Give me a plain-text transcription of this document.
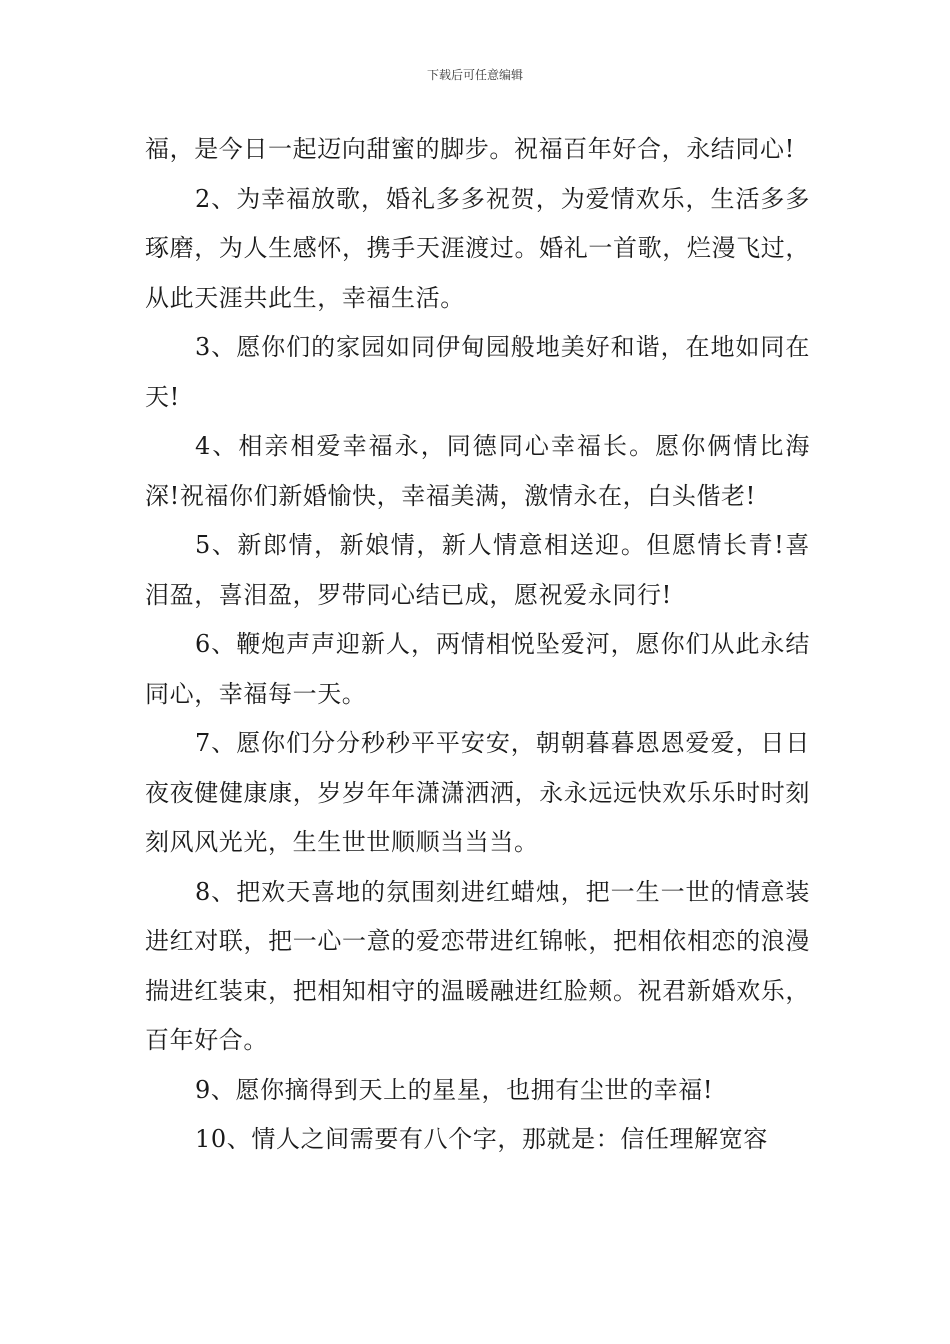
下载后可任意编辑

福，是今日一起迈向甜蜜的脚步。祝福百年好合，永结同心!

2、为幸福放歌，婚礼多多祝贺，为爱情欢乐，生活多多琢磨，为人生感怀，携手天涯渡过。婚礼一首歌，烂漫飞过，从此天涯共此生，幸福生活。

3、愿你们的家园如同伊甸园般地美好和谐，在地如同在天!

4、相亲相爱幸福永，同德同心幸福长。愿你俩情比海深!祝福你们新婚愉快，幸福美满，激情永在，白头偕老!

5、新郎情，新娘情，新人情意相送迎。但愿情长青!喜泪盈，喜泪盈，罗带同心结已成，愿祝爱永同行!

6、鞭炮声声迎新人，两情相悦坠爱河，愿你们从此永结同心，幸福每一天。

7、愿你们分分秒秒平平安安，朝朝暮暮恩恩爱爱，日日夜夜健健康康，岁岁年年潇潇洒洒，永永远远快欢乐乐时时刻刻风风光光，生生世世顺顺当当当。

8、把欢天喜地的氛围刻进红蜡烛，把一生一世的情意装进红对联，把一心一意的爱恋带进红锦帐，把相依相恋的浪漫揣进红装束，把相知相守的温暖融进红脸颊。祝君新婚欢乐，百年好合。

9、愿你摘得到天上的星星，也拥有尘世的幸福!

10、情人之间需要有八个字，那就是：信任理解宽容
